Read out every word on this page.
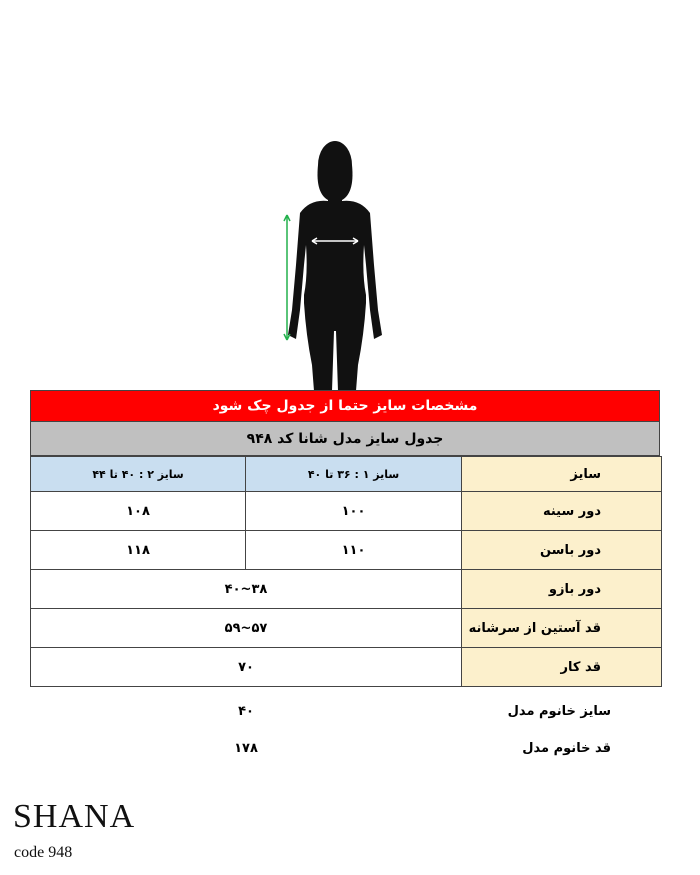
مشخصات سایز حتما از جدول چک شود
جدول سایز مدل شانا کد ۹۴۸
سایز ۲ : ۴۰ تا ۴۴	سایز ۱ : ۳۶ تا ۴۰	سایز
۱۰۸	۱۰۰	دور سینه
۱۱۸	۱۱۰	دور باسن
۳۸~۴۰		دور بازو
۵۷~۵۹		قد آستین از سرشانه
۷۰		قد کار
سایز خانوم مدل
۴۰
قد خانوم مدل
۱۷۸
SHANA
code 948
